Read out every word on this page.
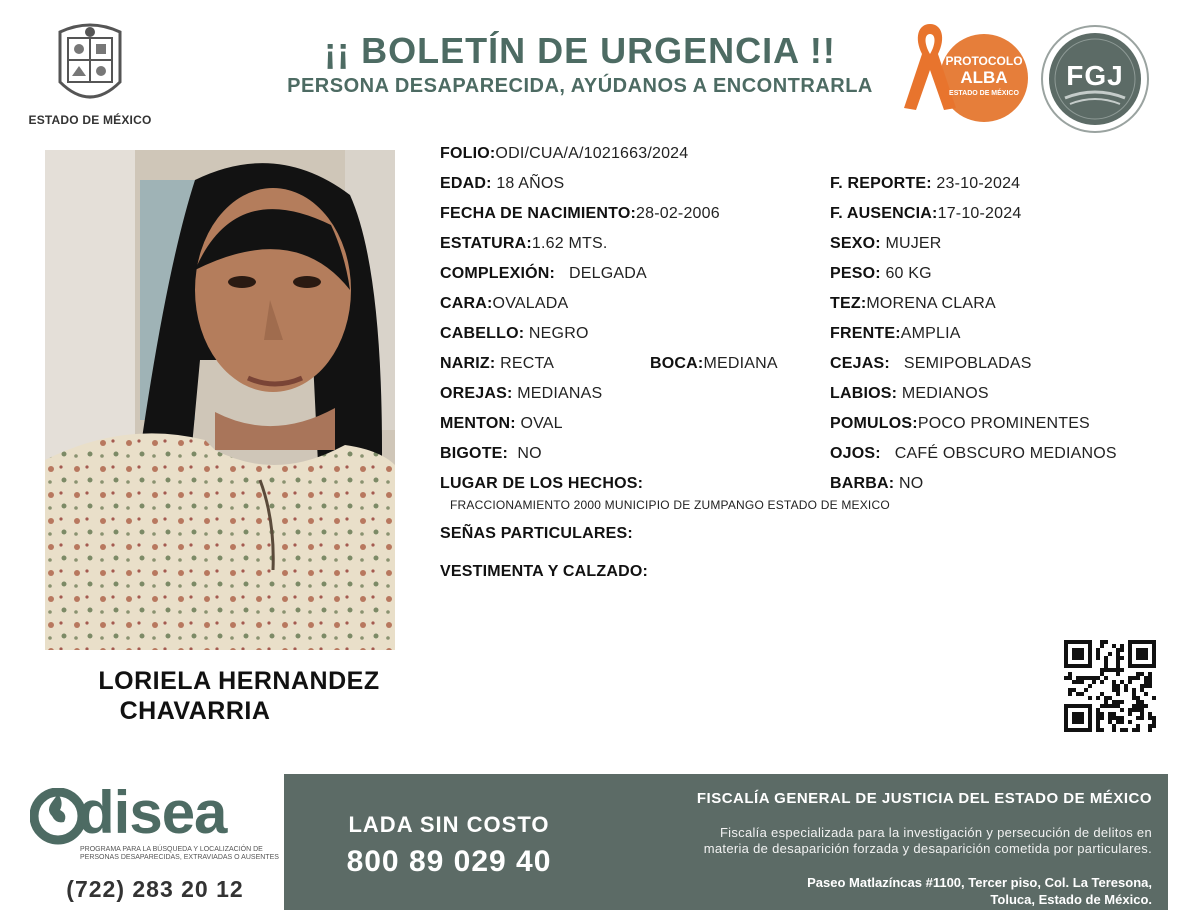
ESTADO DE MÉXICO
¡¡ BOLETÍN DE URGENCIA !!
PERSONA DESAPARECIDA, AYÚDANOS A ENCONTRARLA
PROTOCOLO
ALBA
ESTADO DE MÉXICO
FGJ
LORIELA HERNANDEZ
CHAVARRIA
FOLIO:ODI/CUA/A/1021663/2024
EDAD: 18 AÑOS
FECHA DE NACIMIENTO:28-02-2006
ESTATURA:1.62 MTS.
COMPLEXIÓN: DELGADA
CARA:OVALADA
CABELLO: NEGRO
NARIZ: RECTA	BOCA:MEDIANA
OREJAS: MEDIANAS
MENTON: OVAL
BIGOTE: NO
LUGAR DE LOS HECHOS:
FRACCIONAMIENTO 2000 MUNICIPIO DE ZUMPANGO ESTADO DE MEXICO
SEÑAS PARTICULARES:
VESTIMENTA Y CALZADO:
F. REPORTE: 23-10-2024
F. AUSENCIA:17-10-2024
SEXO: MUJER
PESO: 60 KG
TEZ:MORENA CLARA
FRENTE:AMPLIA
CEJAS: SEMIPOBLADAS
LABIOS: MEDIANOS
POMULOS:POCO PROMINENTES
OJOS: CAFÉ OBSCURO MEDIANOS
BARBA: NO
disea
PROGRAMA PARA LA BÚSQUEDA Y LOCALIZACIÓN DE PERSONAS DESAPARECIDAS, EXTRAVIADAS O AUSENTES
(722) 283 20 12
LADA SIN COSTO
800 89 029 40
FISCALÍA GENERAL DE JUSTICIA DEL ESTADO DE MÉXICO
Fiscalía especializada para la investigación y persecución de delitos en
materia de desaparición forzada y desaparición cometida por particulares.
Paseo Matlazíncas #1100, Tercer piso, Col. La Teresona,
Toluca, Estado de México.
